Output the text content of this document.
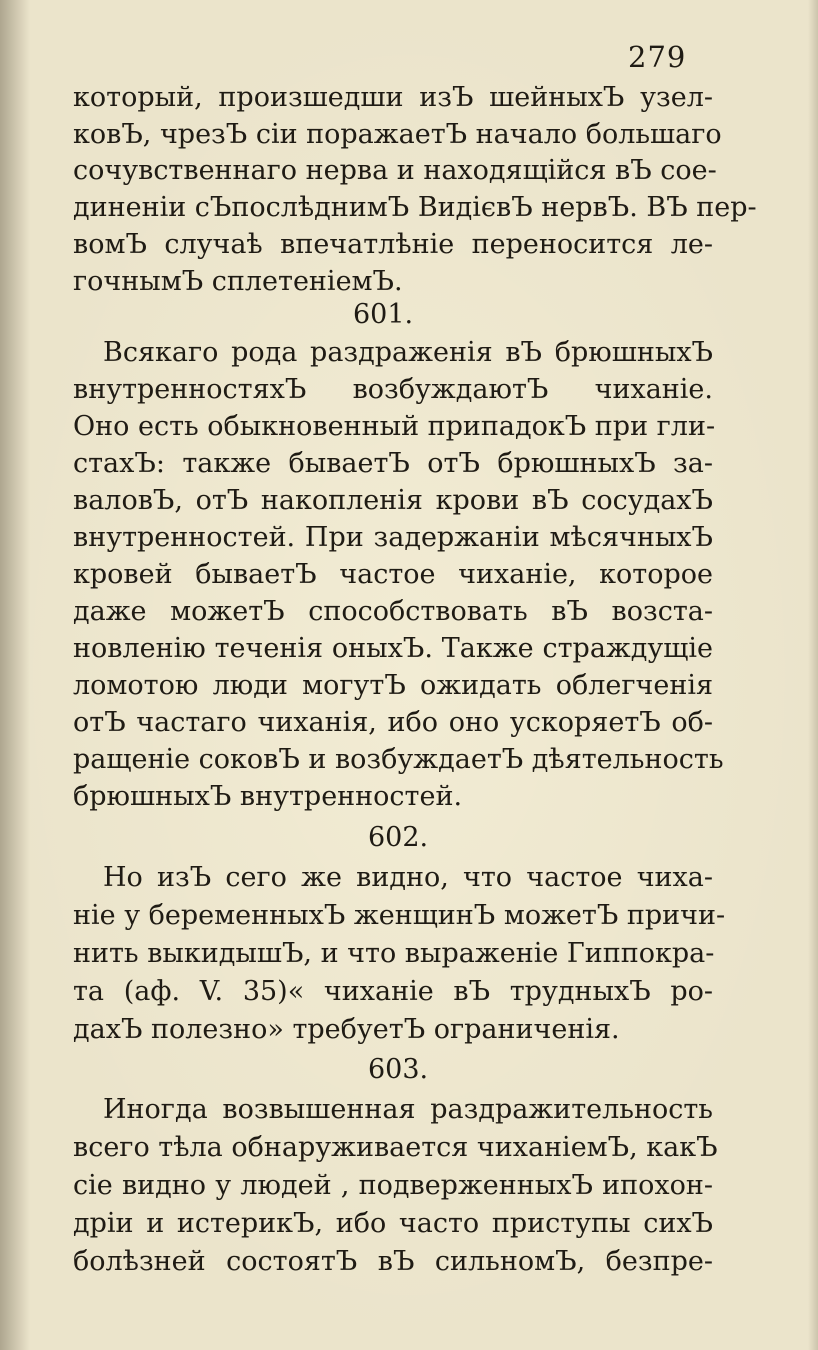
279
который, произшедши изЪ шейныхЪ узел-
ковЪ, чрезЪ сіи поражаетЪ начало большаго
сочувственнаго нерва и находящійся вЪ сое-
диненіи сЪпослѣднимЪ ВидієвЪ нервЪ. ВЪ пер-
вомЪ случаѣ впечатлѣніе переносится ле-
гочнымЪ сплетеніемЪ.
601.
Всякаго рода раздраженія вЪ брюшныхЪ
внутренностяхЪ возбуждаютЪ чиханіе.
Оно есть обыкновенный припадокЪ при гли-
стахЪ: также бываетЪ отЪ брюшныхЪ за-
валовЪ, отЪ накопленія крови вЪ сосудахЪ
внутренностей. При задержаніи мѣсячныхЪ
кровей бываетЪ частое чиханіе, которое
даже можетЪ способствовать вЪ возста-
новленію теченія оныхЪ. Также страждущіе
ломотою люди могутЪ ожидать облегченія
отЪ частаго чиханія, ибо оно ускоряетЪ об-
ращеніе соковЪ и возбуждаетЪ дѣятельность
брюшныхЪ внутренностей.
602.
Но изЪ сего же видно, что частое чиха-
ніе у беременныхЪ женщинЪ можетЪ причи-
нить выкидышЪ, и что выраженіе Гиппокра-
та (аф. V. 35)« чиханіе вЪ трудныхЪ ро-
дахЪ полезно» требуетЪ ограниченія.
603.
Иногда возвышенная раздражительность
всего тѣла обнаруживается чиханіемЪ, какЪ
сіе видно у людей , подверженныхЪ ипохон-
дріи и истерикЪ, ибо часто приступы сихЪ
болѣзней состоятЪ вЪ сильномЪ, безпре-
